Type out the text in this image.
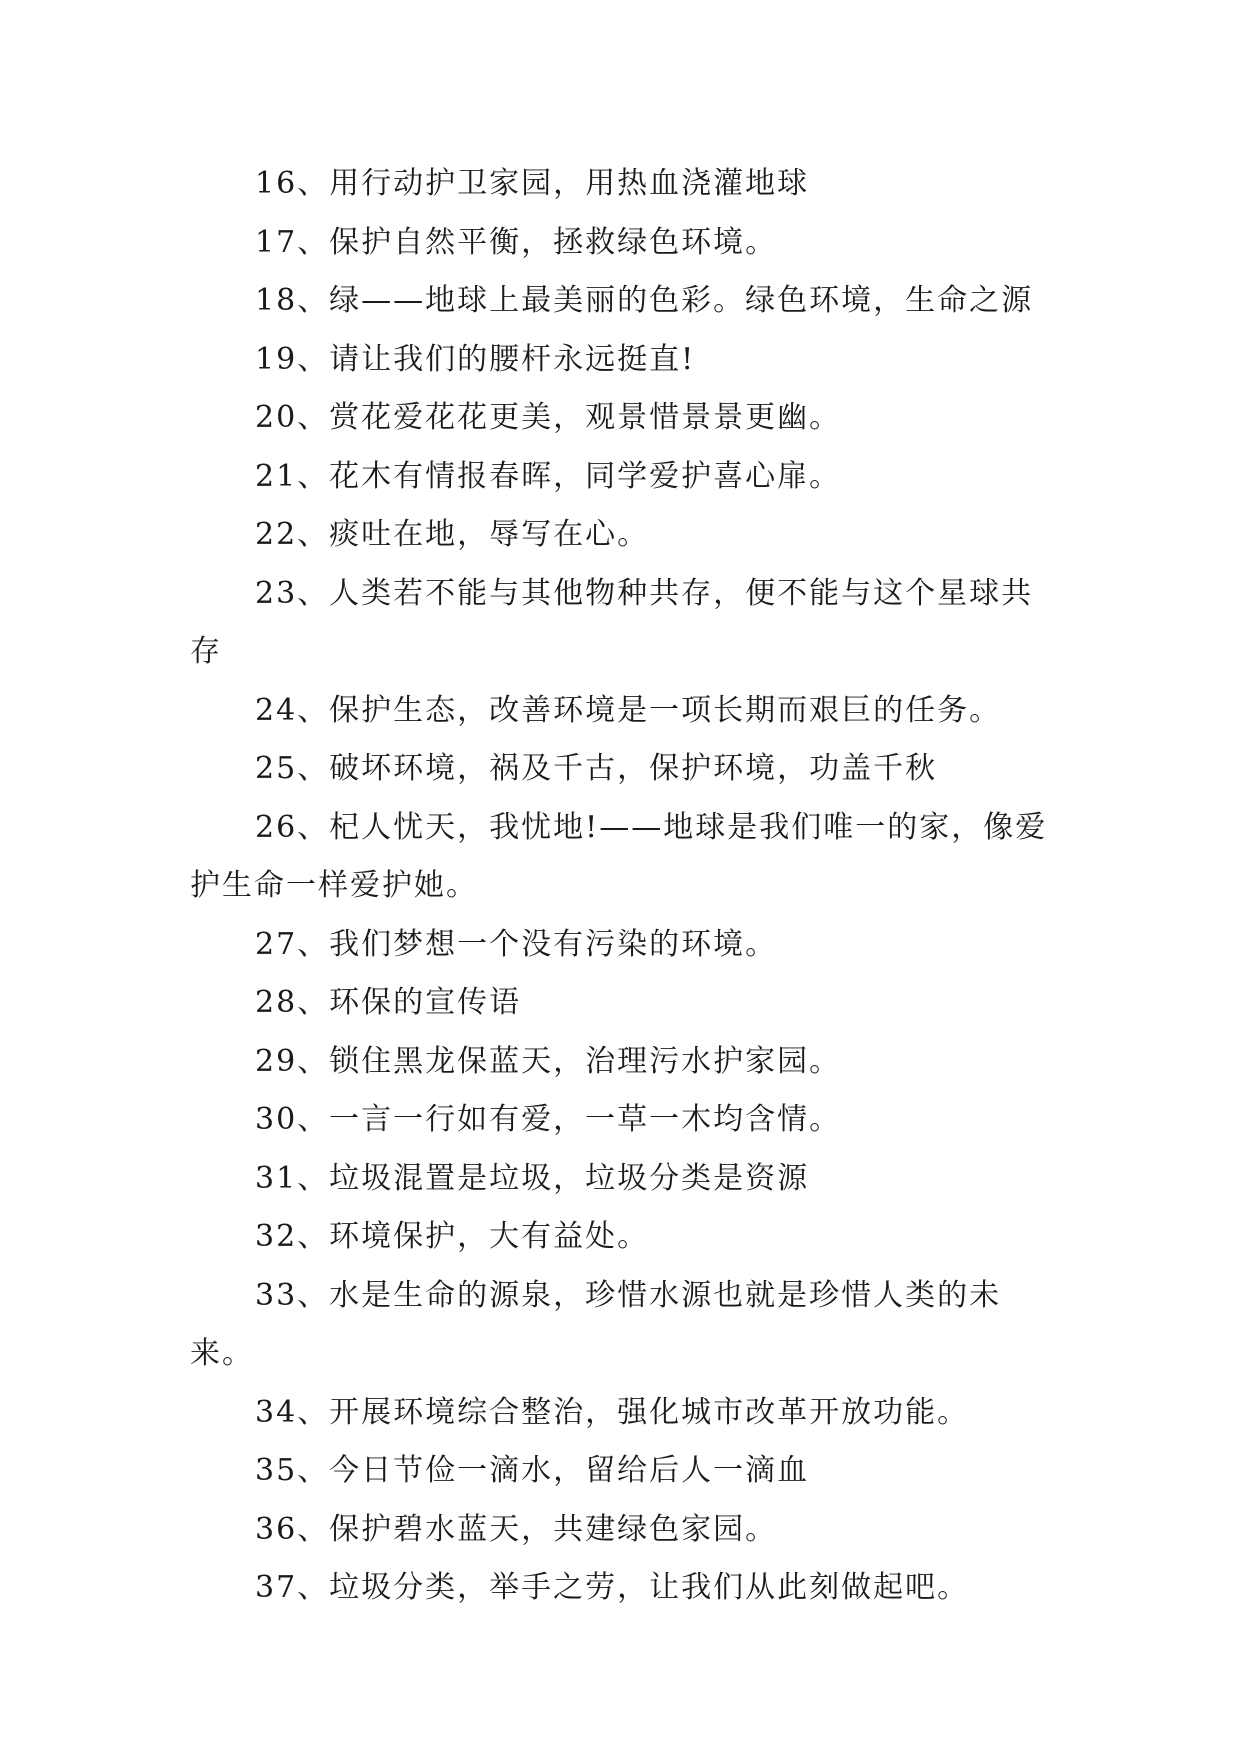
16、用行动护卫家园，用热血浇灌地球

17、保护自然平衡，拯救绿色环境。

18、绿——地球上最美丽的色彩。绿色环境，生命之源

19、请让我们的腰杆永远挺直!

20、赏花爱花花更美，观景惜景景更幽。

21、花木有情报春晖，同学爱护喜心扉。

22、痰吐在地，辱写在心。

23、人类若不能与其他物种共存，便不能与这个星球共存

24、保护生态，改善环境是一项长期而艰巨的任务。

25、破坏环境，祸及千古，保护环境，功盖千秋

26、杞人忧天，我忧地!——地球是我们唯一的家，像爱护生命一样爱护她。

27、我们梦想一个没有污染的环境。

28、环保的宣传语

29、锁住黑龙保蓝天，治理污水护家园。

30、一言一行如有爱，一草一木均含情。

31、垃圾混置是垃圾，垃圾分类是资源

32、环境保护，大有益处。

33、水是生命的源泉，珍惜水源也就是珍惜人类的未来。

34、开展环境综合整治，强化城市改革开放功能。

35、今日节俭一滴水，留给后人一滴血

36、保护碧水蓝天，共建绿色家园。

37、垃圾分类，举手之劳，让我们从此刻做起吧。
